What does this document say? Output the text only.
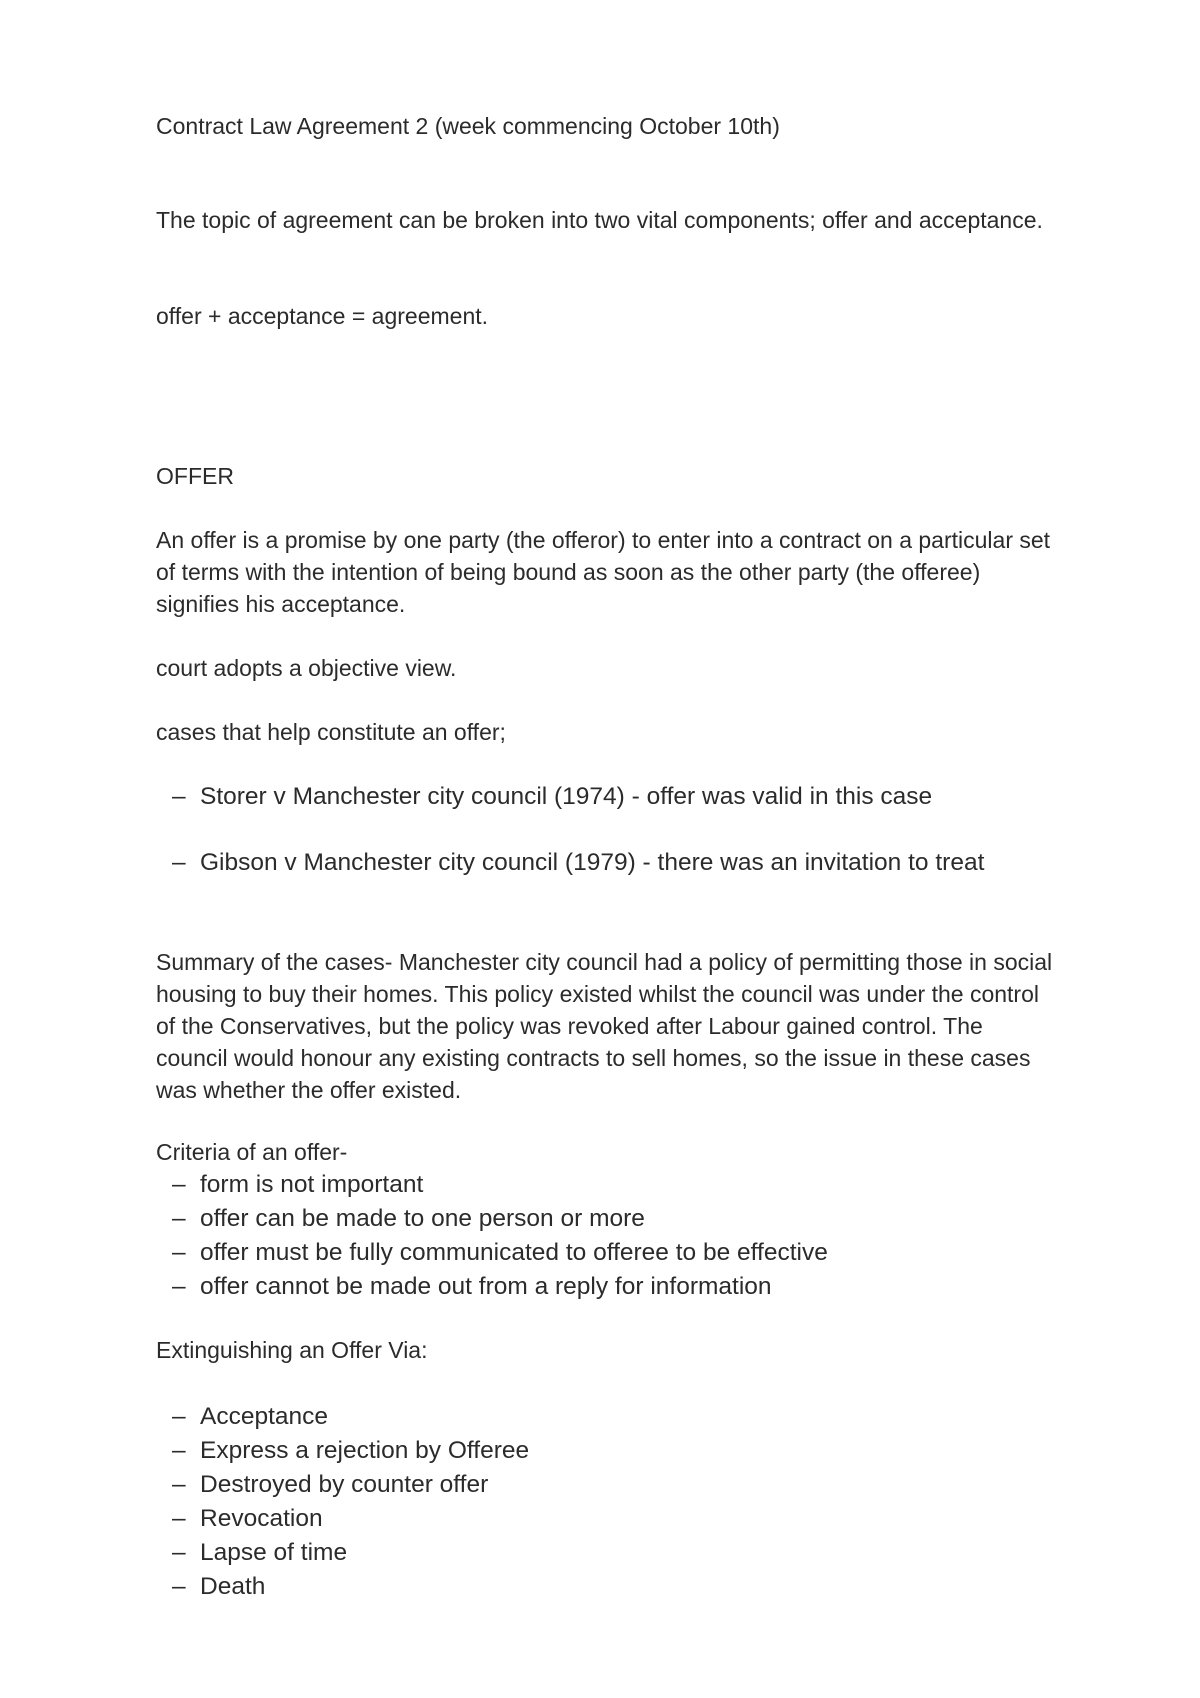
Contract Law Agreement 2 (week commencing October 10th)

The topic of agreement can be broken into two vital components; offer and acceptance.

offer + acceptance = agreement.

OFFER

An offer is a promise by one party (the offeror) to enter into a contract on a particular set of terms with the intention of being bound as soon as the other party (the offeree) signifies his acceptance.

court adopts a objective view.

cases that help constitute an offer;

– Storer v Manchester city council (1974) - offer was valid in this case
– Gibson v Manchester city council (1979) - there was an invitation to treat

Summary of the cases- Manchester city council had a policy of permitting those in social housing to buy their homes. This policy existed whilst the council was under the control of the Conservatives, but the policy was revoked after Labour gained control. The council would honour any existing contracts to sell homes, so the issue in these cases was whether the offer existed.

Criteria of an offer-

– form is not important
– offer can be made to one person or more
– offer must be fully communicated to offeree to be effective
– offer cannot be made out from a reply for information

Extinguishing an Offer Via:

– Acceptance
– Express a rejection by Offeree
– Destroyed by counter offer
– Revocation
– Lapse of time
– Death
